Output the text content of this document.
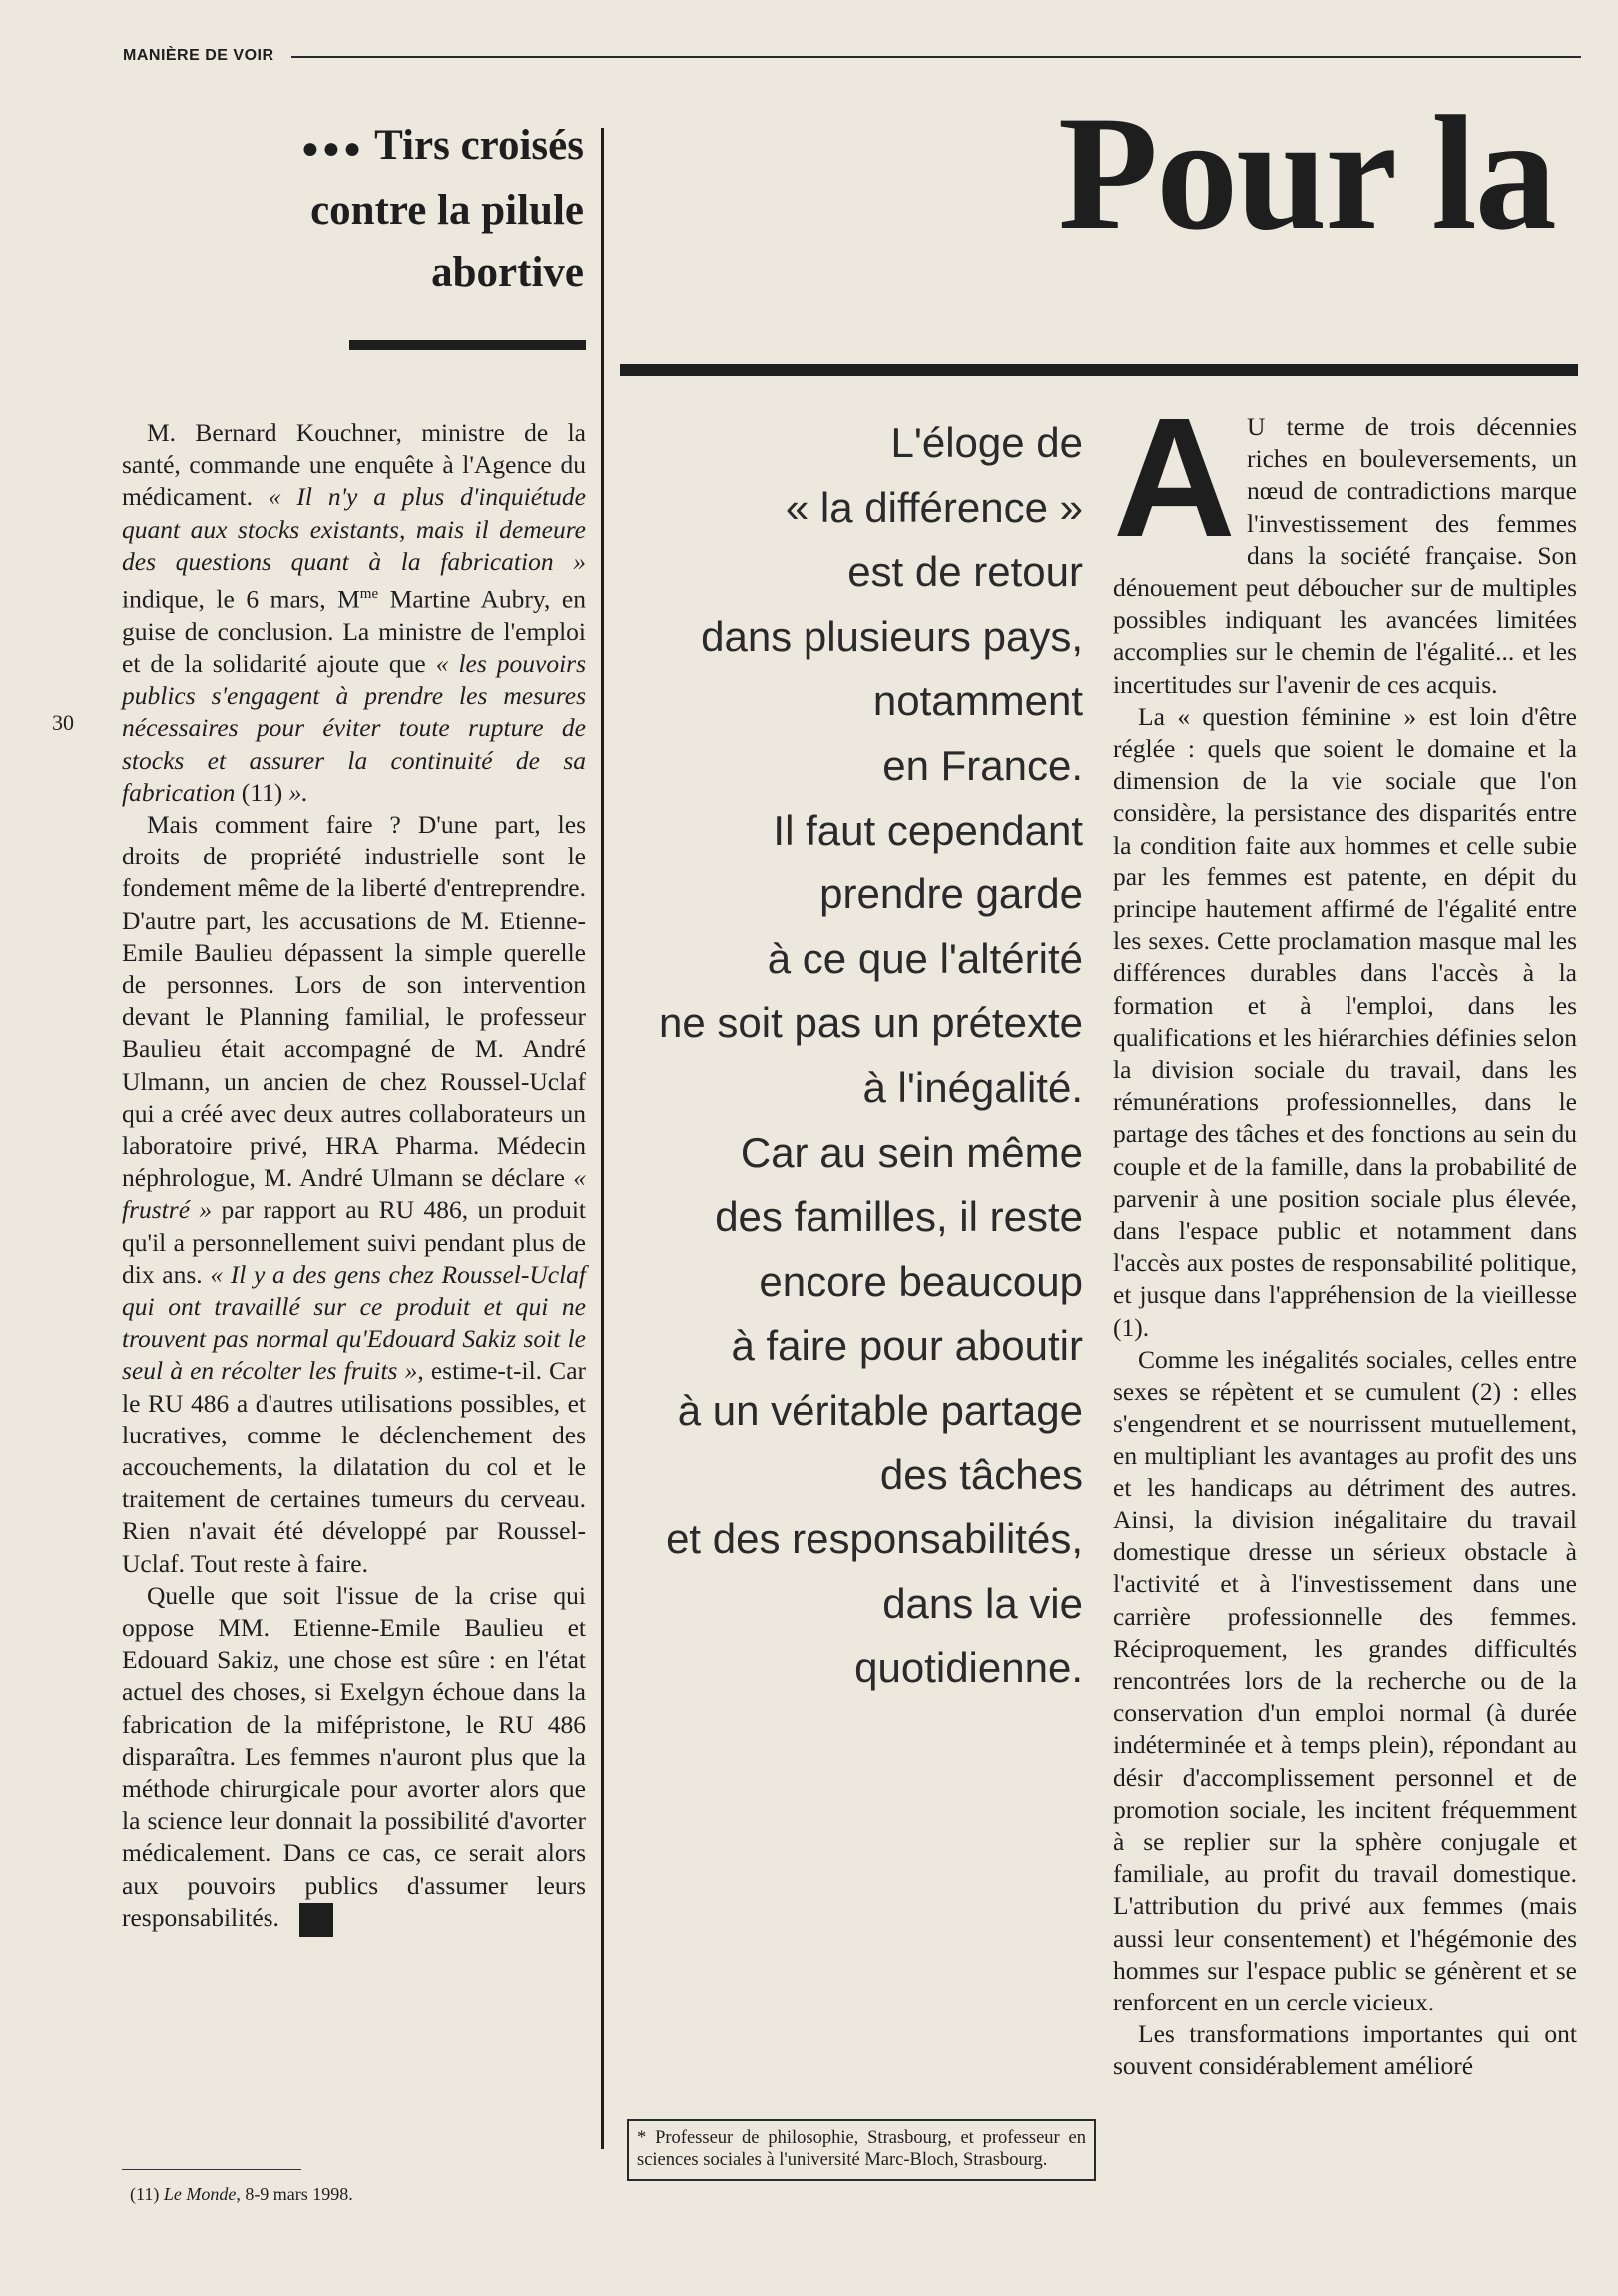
MANIÈRE DE VOIR
30
●●● Tirs croisés
contre la pilule
abortive

M. Bernard Kouchner, ministre de la santé, commande une enquête à l'Agence du médicament. « Il n'y a plus d'inquiétude quant aux stocks existants, mais il demeure des questions quant à la fabrication » indique, le 6 mars, $M^{me}$ Martine Aubry, en guise de conclusion. La ministre de l'emploi et de la solidarité ajoute que « les pouvoirs publics s'engagent à prendre les mesures nécessaires pour éviter toute rupture de stocks et assurer la continuité de sa fabrication (11) ».

Mais comment faire ? D'une part, les droits de propriété industrielle sont le fondement même de la liberté d'entreprendre. D'autre part, les accusations de M. Etienne-Emile Baulieu dépassent la simple querelle de personnes. Lors de son intervention devant le Planning familial, le professeur Baulieu était accompagné de M. André Ulmann, un ancien de chez Roussel-Uclaf qui a créé avec deux autres collaborateurs un laboratoire privé, HRA Pharma. Médecin néphrologue, M. André Ulmann se déclare « frustré » par rapport au RU 486, un produit qu'il a personnellement suivi pendant plus de dix ans. « Il y a des gens chez Roussel-Uclaf qui ont travaillé sur ce produit et qui ne trouvent pas normal qu'Edouard Sakiz soit le seul à en récolter les fruits », estime-t-il. Car le RU 486 a d'autres utilisations possibles, et lucratives, comme le déclenchement des accouchements, la dilatation du col et le traitement de certaines tumeurs du cerveau. Rien n'avait été développé par Roussel-Uclaf. Tout reste à faire.

Quelle que soit l'issue de la crise qui oppose MM. Etienne-Emile Baulieu et Edouard Sakiz, une chose est sûre : en l'état actuel des choses, si Exelgyn échoue dans la fabrication de la mifépristone, le RU 486 disparaîtra. Les femmes n'auront plus que la méthode chirurgicale pour avorter alors que la science leur donnait la possibilité d'avorter médicalement. Dans ce cas, ce serait alors aux pouvoirs publics d'assumer leurs responsabilités.

(11) Le Monde, 8-9 mars 1998.
Pour la
L'éloge de
« la différence »
est de retour
dans plusieurs pays,
notamment
en France.
Il faut cependant
prendre garde
à ce que l'altérité
ne soit pas un prétexte
à l'inégalité.
Car au sein même
des familles, il reste
encore beaucoup
à faire pour aboutir
à un véritable partage
des tâches
et des responsabilités,
dans la vie
quotidienne.
* Professeur de philosophie, Strasbourg, et professeur en sciences sociales à l'université Marc-Bloch, Strasbourg.

A U terme de trois décennies riches en bouleversements, un nœud de contradictions marque l'investissement des femmes dans la société française. Son dénouement peut déboucher sur de multiples possibles indiquant les avancées limitées accomplies sur le chemin de l'égalité... et les incertitudes sur l'avenir de ces acquis.

La « question féminine » est loin d'être réglée : quels que soient le domaine et la dimension de la vie sociale que l'on considère, la persistance des disparités entre la condition faite aux hommes et celle subie par les femmes est patente, en dépit du principe hautement affirmé de l'égalité entre les sexes. Cette proclamation masque mal les différences durables dans l'accès à la formation et à l'emploi, dans les qualifications et les hiérarchies définies selon la division sociale du travail, dans les rémunérations professionnelles, dans le partage des tâches et des fonctions au sein du couple et de la famille, dans la probabilité de parvenir à une position sociale plus élevée, dans l'espace public et notamment dans l'accès aux postes de responsabilité politique, et jusque dans l'appréhension de la vieillesse (1).

Comme les inégalités sociales, celles entre sexes se répètent et se cumulent (2) : elles s'engendrent et se nourrissent mutuellement, en multipliant les avantages au profit des uns et les handicaps au détriment des autres. Ainsi, la division inégalitaire du travail domestique dresse un sérieux obstacle à l'activité et à l'investissement dans une carrière professionnelle des femmes. Réciproquement, les grandes difficultés rencontrées lors de la recherche ou de la conservation d'un emploi normal (à durée indéterminée et à temps plein), répondant au désir d'accomplissement personnel et de promotion sociale, les incitent fréquemment à se replier sur la sphère conjugale et familiale, au profit du travail domestique. L'attribution du privé aux femmes (mais aussi leur consentement) et l'hégémonie des hommes sur l'espace public se génèrent et se renforcent en un cercle vicieux.

Les transformations importantes qui ont souvent considérablement amélioré
